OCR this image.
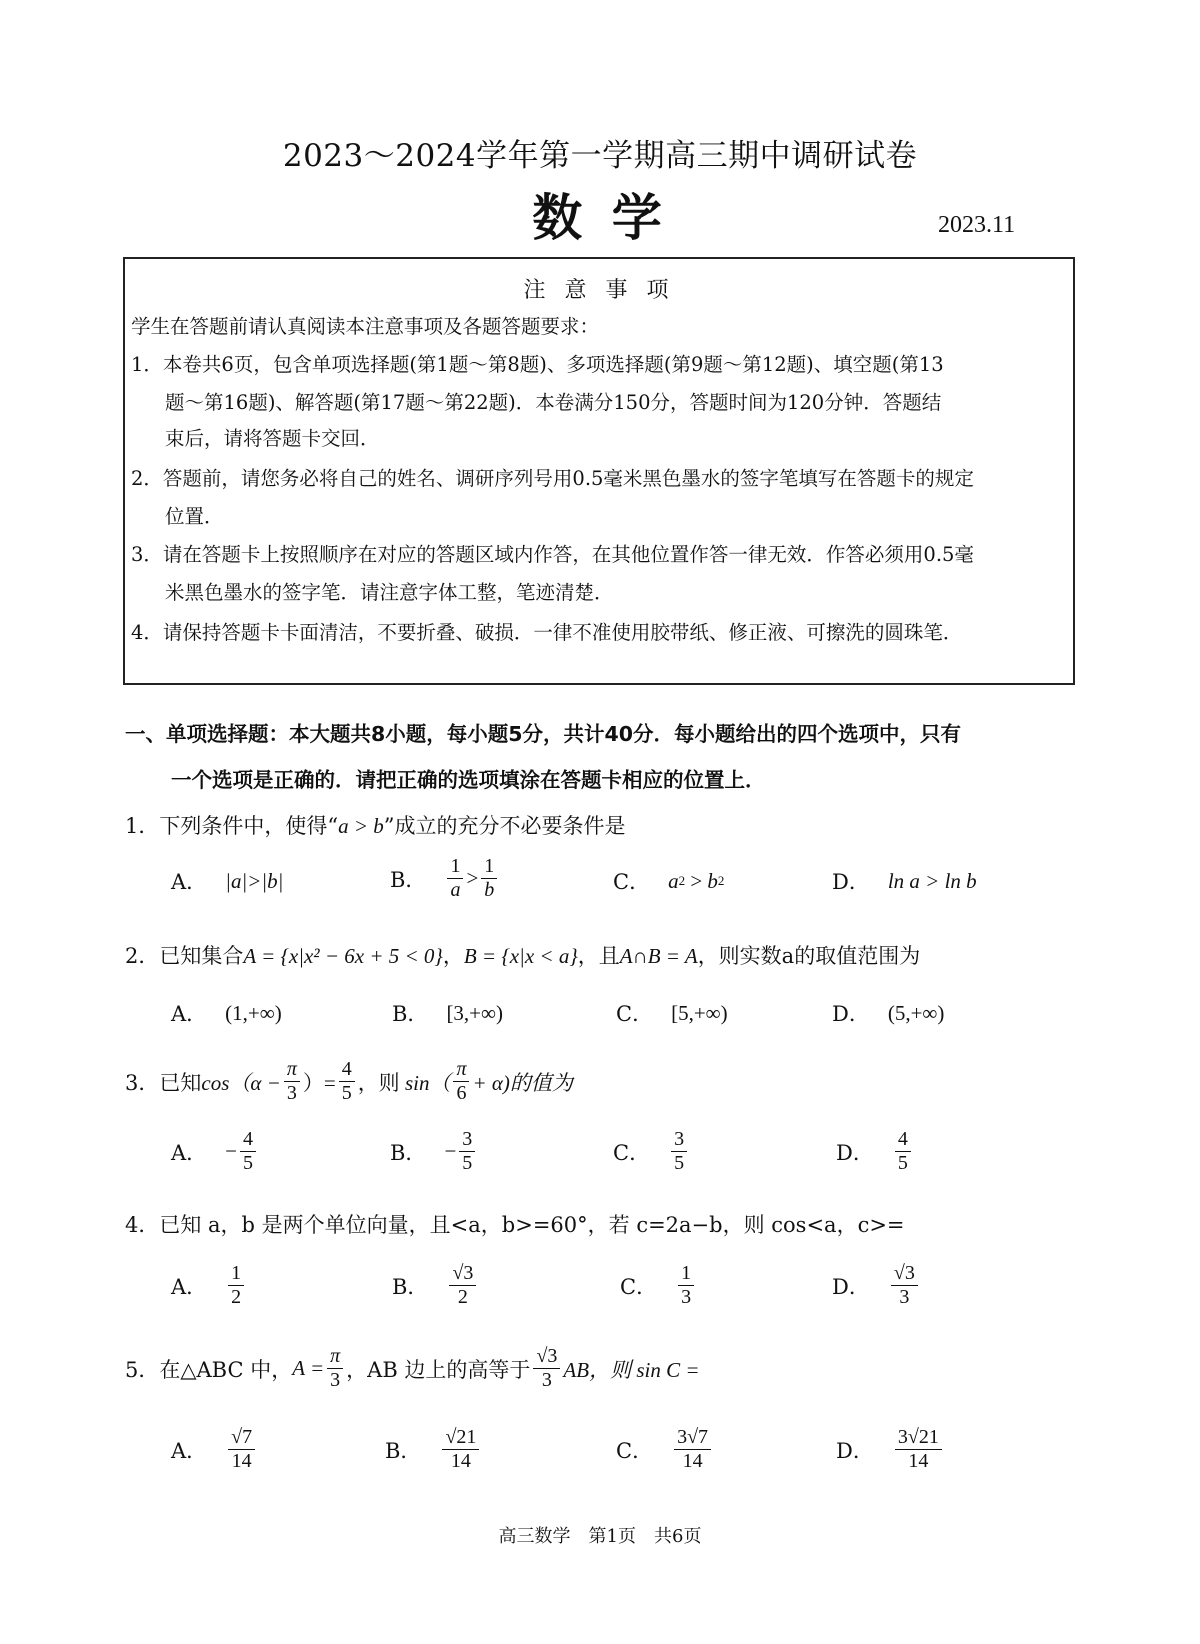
2023～2024学年第一学期高三期中调研试卷
数 学	2023.11
注 意 事 项
学生在答题前请认真阅读本注意事项及各题答题要求：
1．本卷共6页，包含单项选择题(第1题～第8题)、多项选择题(第9题～第12题)、填空题(第13
题～第16题)、解答题(第17题～第22题)．本卷满分150分，答题时间为120分钟．答题结
束后，请将答题卡交回．
2．答题前，请您务必将自己的姓名、调研序列号用0.5毫米黑色墨水的签字笔填写在答题卡的规定
位置．
3．请在答题卡上按照顺序在对应的答题区域内作答，在其他位置作答一律无效．作答必须用0.5毫
米黑色墨水的签字笔．请注意字体工整，笔迹清楚．
4．请保持答题卡卡面清洁，不要折叠、破损．一律不准使用胶带纸、修正液、可擦洗的圆珠笔．
一、单项选择题：本大题共8小题，每小题5分，共计40分．每小题给出的四个选项中，只有
一个选项是正确的．请把正确的选项填涂在答题卡相应的位置上．
1．下列条件中，使得“a > b”成立的充分不必要条件是
A． |a|>|b|	B． $\frac{1}{a} > \frac{1}{b}$	C． a 2 > b 2	D． ln a > ln b
2．已知集合A = {x|x² − 6x + 5 < 0}，B = {x|x < a}，且A∩B = A，则实数a的取值范围为
A． (1,+∞)	B． [3,+∞)	C． [5,+∞)	D． (5,+∞)
3．已知 $\cos(\alpha - \frac{\pi}{3}$ ）= $\frac{4}{5}$ ，则
$\sin( \frac{\pi}{6} + \alpha)$的值为
A． − $\frac{4}{5}$	B． − $\frac{3}{5}$	C． $\frac{3}{5}$	D． $\frac{4}{5}$
4．已知 a，b 是两个单位向量，且<a，b>=60°，若 c=2a−b，则 cos<a，c>=
A． $\frac{1}{2}$	B． $\frac{√3}{2}$	C． $\frac{1}{3}$	D． $\frac{√3}{3}$
5．在△ABC 中， $A = \frac{\pi}{3}$ ，AB 边上的高等于 $\frac{√3}{3}$ AB，则 sin C =
A． $\frac{√7}{14}$	B． $\frac{√21}{14}$	C． $\frac{3√7}{14}$	D． $\frac{3√21}{14}$
高三数学　第1页　共6页
